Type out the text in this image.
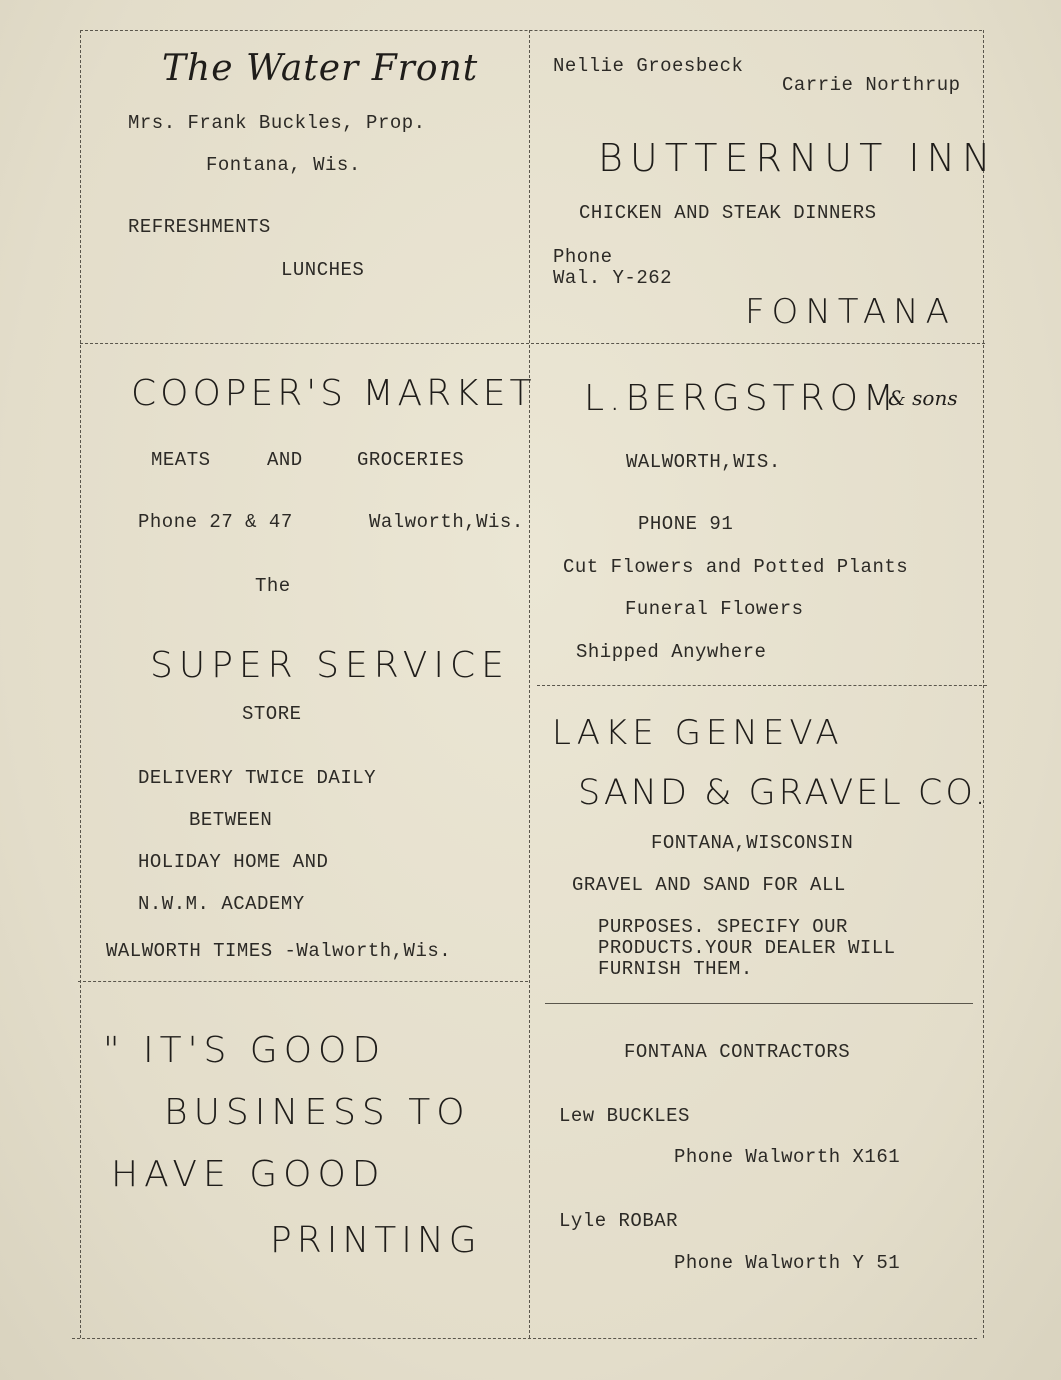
The Water Front
Mrs. Frank Buckles, Prop.
Fontana, Wis.
REFRESHMENTS
LUNCHES
Nellie Groesbeck
Carrie Northrup
BUTTERNUT INN
CHICKEN AND STEAK DINNERS
Phone
Wal. Y-262
FONTANA
COOPER'S MARKET
MEATS	AND	GROCERIES
Phone 27 & 47	Walworth,Wis.
The
SUPER SERVICE
STORE
DELIVERY TWICE DAILY
BETWEEN
HOLIDAY HOME AND
N.W.M. ACADEMY
WALWORTH TIMES -Walworth,Wis.
L.BERGSTROM
& sons
WALWORTH,WIS.
PHONE 91
Cut Flowers and Potted Plants
Funeral Flowers
Shipped Anywhere
LAKE GENEVA
SAND & GRAVEL CO.
FONTANA,WISCONSIN
GRAVEL AND SAND FOR ALL
PURPOSES. SPECIFY OUR
PRODUCTS.YOUR DEALER WILL
FURNISH THEM.
" IT'S GOOD
BUSINESS TO
HAVE GOOD
PRINTING
FONTANA CONTRACTORS
Lew BUCKLES
Phone Walworth X161
Lyle ROBAR
Phone Walworth Y 51
